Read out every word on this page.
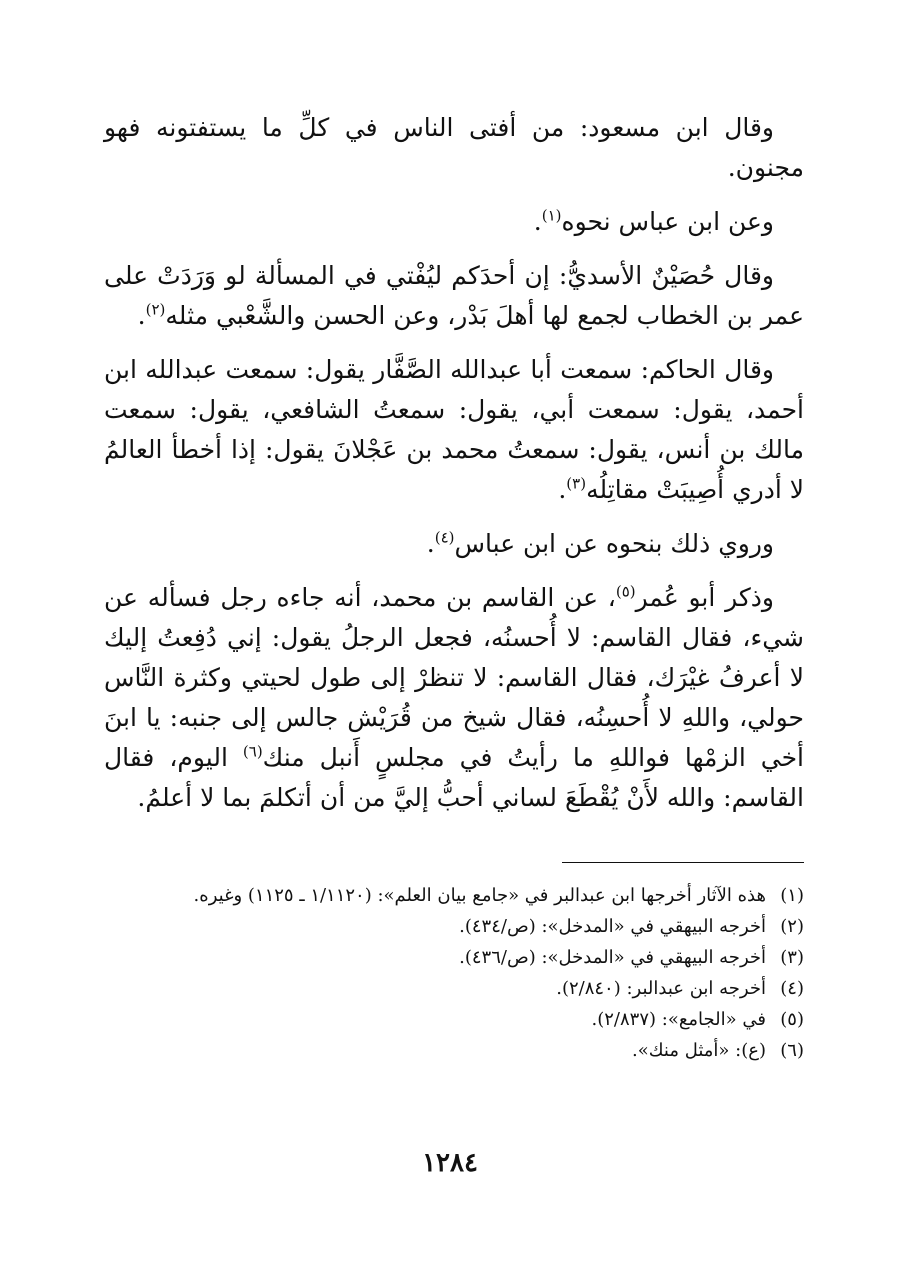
وقال ابن مسعود: من أفتى الناس في كلِّ ما يستفتونه فهو مجنون.

وعن ابن عباس نحوه$^{(١)}$.

وقال حُصَيْنٌ الأسديُّ: إن أحدَكم ليُفْتي في المسألة لو وَرَدَتْ على عمر بن الخطاب لجمع لها أهلَ بَدْر، وعن الحسن والشَّعْبي مثله$^{(٢)}$.

وقال الحاكم: سمعت أبا عبدالله الصَّفَّار يقول: سمعت عبدالله ابن أحمد، يقول: سمعت أبي، يقول: سمعتُ الشافعي، يقول: سمعت مالك بن أنس، يقول: سمعتُ محمد بن عَجْلانَ يقول: إذا أخطأ العالمُ لا أدري أُصِيبَتْ مقاتِلُه$^{(٣)}$.

وروي ذلك بنحوه عن ابن عباس$^{(٤)}$.

وذكر أبو عُمر$^{(٥)}$، عن القاسم بن محمد، أنه جاءه رجل فسأله عن شيء، فقال القاسم: لا أُحسنُه، فجعل الرجلُ يقول: إني دُفِعتُ إليك لا أعرفُ غيْرَك، فقال القاسم: لا تنظرْ إلى طول لحيتي وكثرة النَّاس حولي، واللهِ لا أُحسِنُه، فقال شيخ من قُرَيْش جالس إلى جنبه: يا ابنَ أخي الزمْها فواللهِ ما رأيتُ في مجلسٍ أَنبل منك$^{(٦)}$ اليوم، فقال القاسم: والله لأَنْ يُقْطَعَ لساني أحبُّ إليَّ من أن أتكلمَ بما لا أعلمُ.

(١)
هذه الآثار أخرجها ابن عبدالبر في «جامع بيان العلم»: (١/١١٢٠ ـ ١١٢٥) وغيره.
(٢)
أخرجه البيهقي في «المدخل»: (ص/٤٣٤).
(٣)
أخرجه البيهقي في «المدخل»: (ص/٤٣٦).
(٤)
أخرجه ابن عبدالبر: (٢/٨٤٠).
(٥)
في «الجامع»: (٢/٨٣٧).
(٦)
(ع): «أمثل منك».
١٢٨٤
